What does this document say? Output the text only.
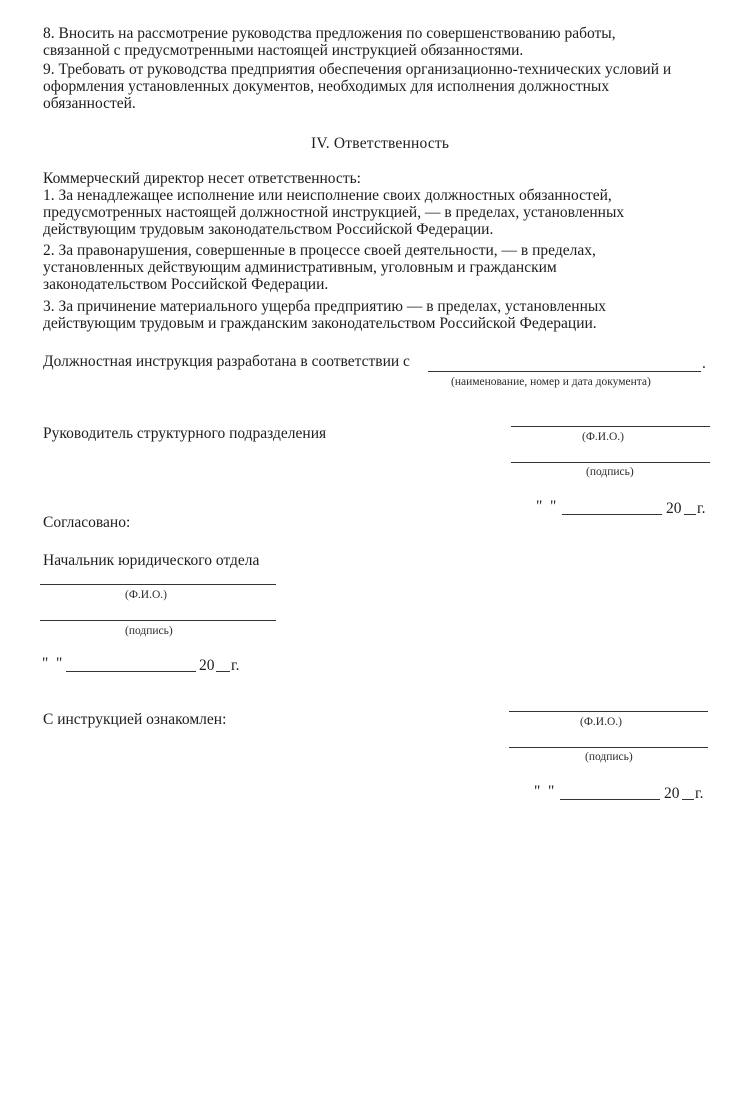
8. Вносить на рассмотрение руководства предложения по совершенствованию работы,
связанной с предусмотренными настоящей инструкцией обязанностями.
9. Требовать от руководства предприятия обеспечения организационно-технических условий и
оформления установленных документов, необходимых для исполнения должностных
обязанностей.
IV. Ответственность
Коммерческий директор несет ответственность:
1. За ненадлежащее исполнение или неисполнение своих должностных обязанностей,
предусмотренных настоящей должностной инструкцией, — в пределах, установленных
действующим трудовым законодательством Российской Федерации.
2. За правонарушения, совершенные в процессе своей деятельности, — в пределах,
установленных действующим административным, уголовным и гражданским
законодательством Российской Федерации.
3. За причинение материального ущерба предприятию — в пределах, установленных
действующим трудовым и гражданским законодательством Российской Федерации.
Должностная инструкция разработана в соответствии с	.
(наименование, номер и дата документа)
Руководитель структурного подразделения	(Ф.И.О.)
(подпись)
" "	20 г.
Согласовано:
Начальник юридического отдела
(Ф.И.О.)
(подпись)
" "	20 г.
С инструкцией ознакомлен:	(Ф.И.О.)
(подпись)
" "	20 г.
